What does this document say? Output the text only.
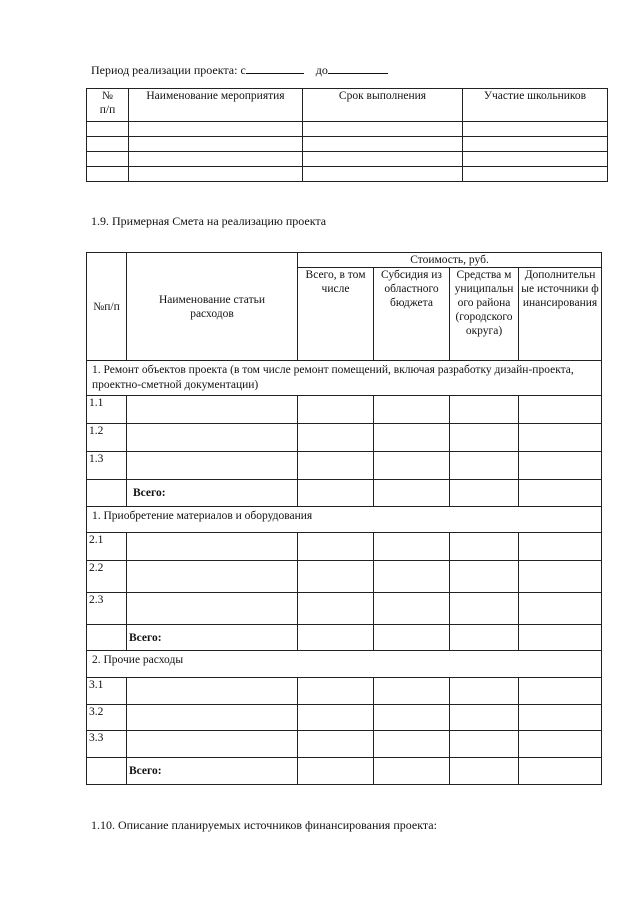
Период реализации проекта: с	до
№
п/п	Наименование мероприятия	Срок выполнения	Участие школьников

1.9. Примерная Смета на реализацию проекта
№п/п	Наименование статьи расходов	Стоимость, руб.			
		Всего, в том числе	Субсидия из областного бюджета	Средства муниципального района (городского округа)	Дополнительные источники финансирования
1. Ремонт объектов проекта (в том числе ремонт помещений, включая разработку дизайн-проекта, проектно-сметной документации)					
1.1					
1.2					
1.3					
	Всего:				
1. Приобретение материалов и оборудования					
2.1					
2.2					
2.3					
	Всего:				
2. Прочие расходы					
3.1					
3.2					
3.3					
	Всего:				
1.10. Описание планируемых источников финансирования проекта:
